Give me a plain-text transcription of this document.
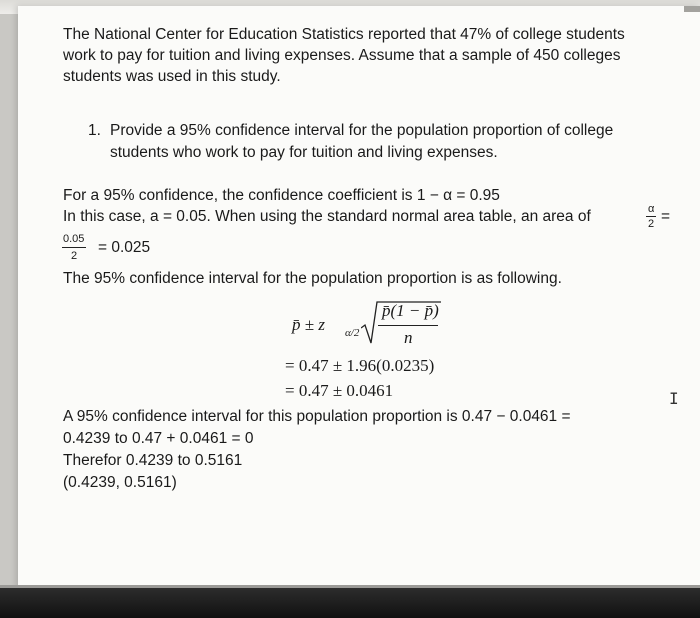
The National Center for Education Statistics reported that 47% of college students
work to pay for tuition and living expenses. Assume that a sample of 450 colleges
students was used in this study.
1. Provide a 95% confidence interval for the population proportion of college
students who work to pay for tuition and living expenses.
For a 95% confidence, the confidence coefficient is 1 − α = 0.95
In this case, a = 0.05. When using the standard normal area table, an area of	α
2 =
0.05
2 = 0.025
The 95% confidence interval for the population proportion is as following.
p̄ ± z α/2
p̄(1 − p̄)
n
= 0.47 ± 1.96(0.0235)
= 0.47 ± 0.0461
A 95% confidence interval for this population proportion is 0.47 − 0.0461 =
0.4239 to 0.47 + 0.0461 = 0
Therefor 0.4239 to 0.5161
(0.4239, 0.5161)
I
